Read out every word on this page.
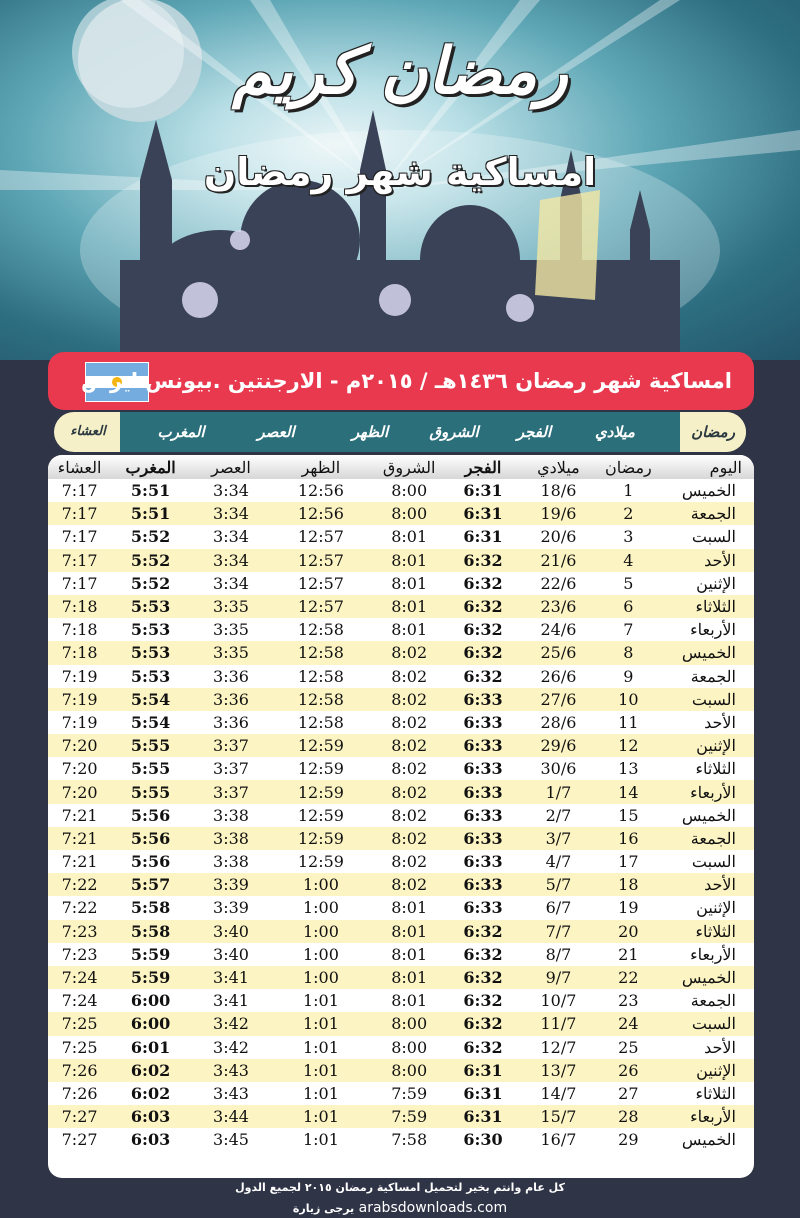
رمضان كريم
امساكية شهر رمضان
امساكية شهر رمضان ١٤٣٦هـ / ٢٠١٥م - الارجنتين .بيونس ايرس
رمضان
ميلادي
الفجر
الشروق
الظهر
العصر
المغرب
العشاء
اليوم	رمضان	ميلادي	الفجر	الشروق	الظهر	العصر	المغرب	العشاء
الخميس	1	18/6	6:31	8:00	12:56	3:34	5:51	7:17
الجمعة	2	19/6	6:31	8:00	12:56	3:34	5:51	7:17
السبت	3	20/6	6:31	8:01	12:57	3:34	5:52	7:17
الأحد	4	21/6	6:32	8:01	12:57	3:34	5:52	7:17
الإثنين	5	22/6	6:32	8:01	12:57	3:34	5:52	7:17
الثلاثاء	6	23/6	6:32	8:01	12:57	3:35	5:53	7:18
الأربعاء	7	24/6	6:32	8:01	12:58	3:35	5:53	7:18
الخميس	8	25/6	6:32	8:02	12:58	3:35	5:53	7:18
الجمعة	9	26/6	6:32	8:02	12:58	3:36	5:53	7:19
السبت	10	27/6	6:33	8:02	12:58	3:36	5:54	7:19
الأحد	11	28/6	6:33	8:02	12:58	3:36	5:54	7:19
الإثنين	12	29/6	6:33	8:02	12:59	3:37	5:55	7:20
الثلاثاء	13	30/6	6:33	8:02	12:59	3:37	5:55	7:20
الأربعاء	14	1/7	6:33	8:02	12:59	3:37	5:55	7:20
الخميس	15	2/7	6:33	8:02	12:59	3:38	5:56	7:21
الجمعة	16	3/7	6:33	8:02	12:59	3:38	5:56	7:21
السبت	17	4/7	6:33	8:02	12:59	3:38	5:56	7:21
الأحد	18	5/7	6:33	8:02	1:00	3:39	5:57	7:22
الإثنين	19	6/7	6:33	8:01	1:00	3:39	5:58	7:22
الثلاثاء	20	7/7	6:32	8:01	1:00	3:40	5:58	7:23
الأربعاء	21	8/7	6:32	8:01	1:00	3:40	5:59	7:23
الخميس	22	9/7	6:32	8:01	1:00	3:41	5:59	7:24
الجمعة	23	10/7	6:32	8:01	1:01	3:41	6:00	7:24
السبت	24	11/7	6:32	8:00	1:01	3:42	6:00	7:25
الأحد	25	12/7	6:32	8:00	1:01	3:42	6:01	7:25
الإثنين	26	13/7	6:31	8:00	1:01	3:43	6:02	7:26
الثلاثاء	27	14/7	6:31	7:59	1:01	3:43	6:02	7:26
الأربعاء	28	15/7	6:31	7:59	1:01	3:44	6:03	7:27
الخميس	29	16/7	6:30	7:58	1:01	3:45	6:03	7:27
كل عام وانتم بخير لتحميل امساكية رمضان ٢٠١٥ لجميع الدول
يرجى زيارة arabsdownloads.com
